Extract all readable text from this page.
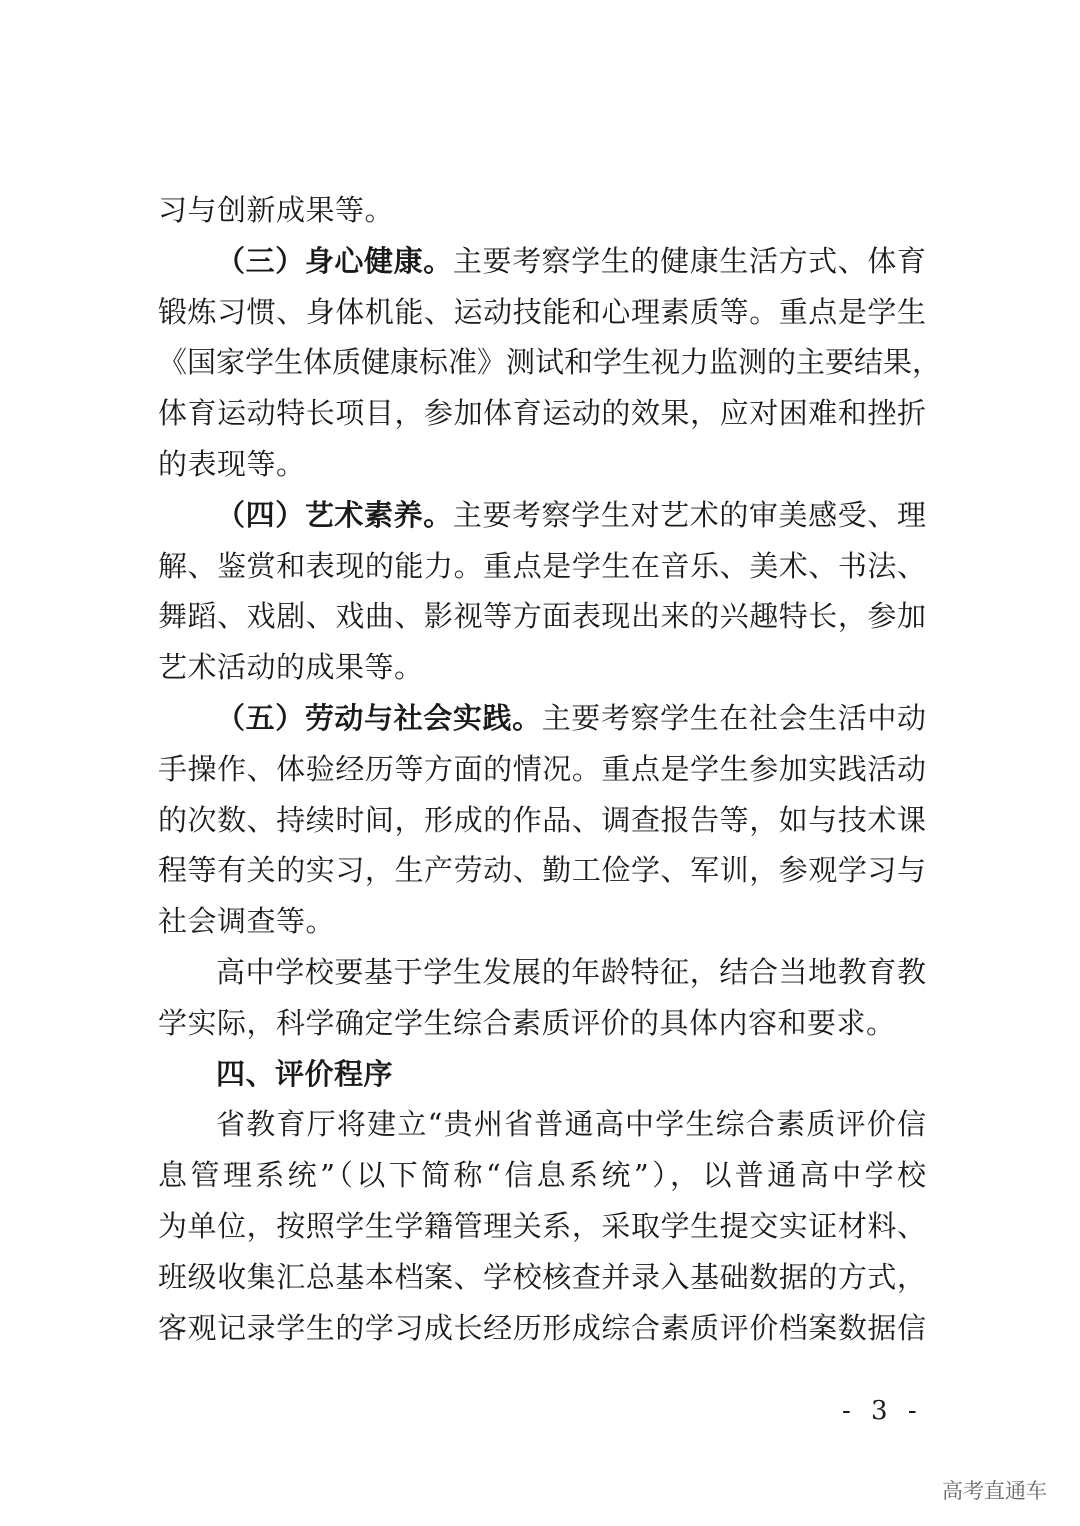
习与创新成果等。
（三）身心健康。主要考察学生的健康生活方式、体育
锻炼习惯、身体机能、运动技能和心理素质等。重点是学生
《国家学生体质健康标准》测试和学生视力监测的主要结果，
体育运动特长项目，参加体育运动的效果，应对困难和挫折
的表现等。
（四）艺术素养。主要考察学生对艺术的审美感受、理
解、鉴赏和表现的能力。重点是学生在音乐、美术、书法、
舞蹈、戏剧、戏曲、影视等方面表现出来的兴趣特长，参加
艺术活动的成果等。
（五）劳动与社会实践。主要考察学生在社会生活中动
手操作、体验经历等方面的情况。重点是学生参加实践活动
的次数、持续时间，形成的作品、调查报告等，如与技术课
程等有关的实习，生产劳动、勤工俭学、军训，参观学习与
社会调查等。
高中学校要基于学生发展的年龄特征，结合当地教育教
学实际，科学确定学生综合素质评价的具体内容和要求。
四、评价程序
省教育厅将建立“贵州省普通高中学生综合素质评价信
息管理系统”（以下简称“信息系统”），以普通高中学校
为单位，按照学生学籍管理关系，采取学生提交实证材料、
班级收集汇总基本档案、学校核查并录入基础数据的方式，
客观记录学生的学习成长经历形成综合素质评价档案数据信
- 3 -
高考直通车
